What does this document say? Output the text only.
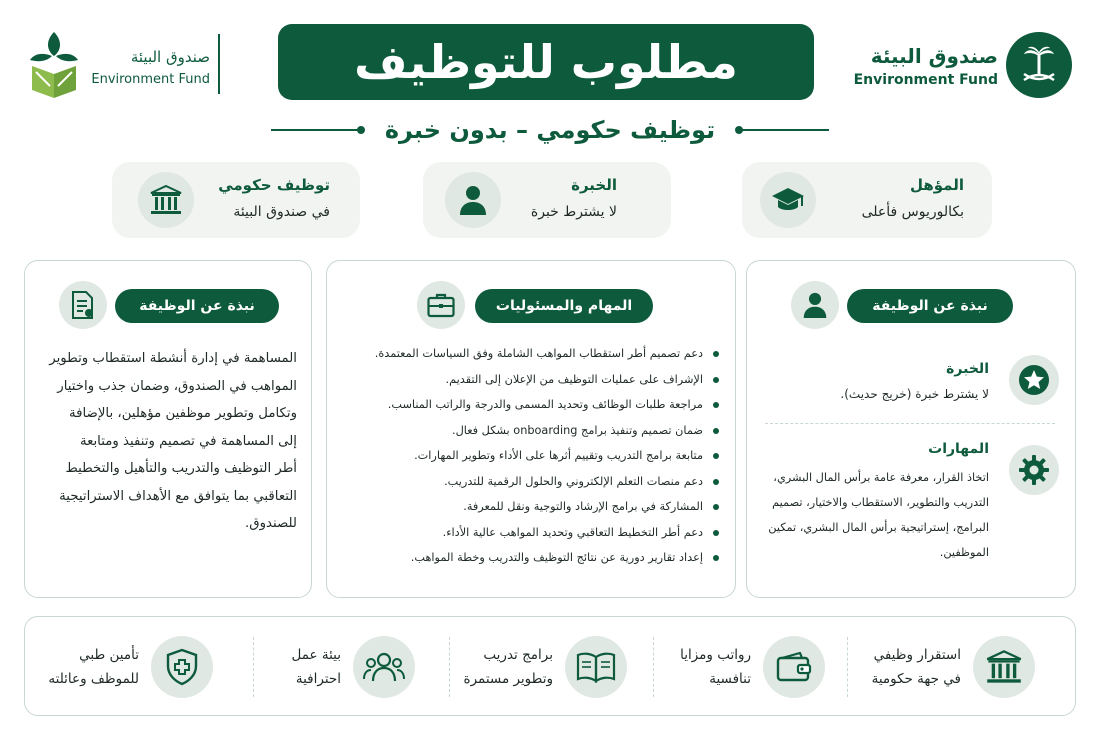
صندوق البيئة
Environment Fund
صندوق البيئة
Environment Fund	مطلوب للتوظيف
توظيف حكومي – بدون خبرة
المؤهل
بكالوريوس فأعلى
الخبرة
لا يشترط خبرة
توظيف حكومي
في صندوق البيئة
نبذة عن الوظيفة
الخبرة
لا يشترط خبرة (خريج حديث).
المهارات
اتخاذ القرار، معرفة عامة برأس المال البشري،
التدريب والتطوير، الاستقطاب والاختيار، تصميم
البرامج، إستراتيجية برأس المال البشري، تمكين
الموظفين.
المهام والمسئوليات
دعم تصميم أطر استقطاب المواهب الشاملة وفق السياسات المعتمدة.
الإشراف على عمليات التوظيف من الإعلان إلى التقديم.
مراجعة طلبات الوظائف وتحديد المسمى والدرجة والراتب المناسب.
ضمان تصميم وتنفيذ برامج onboarding بشكل فعال.
متابعة برامج التدريب وتقييم أثرها على الأداء وتطوير المهارات.
دعم منصات التعلم الإلكتروني والحلول الرقمية للتدريب.
المشاركة في برامج الإرشاد والتوجية ونقل للمعرفة.
دعم أطر التخطيط التعاقبي وتحديد المواهب عالية الأداء.
إعداد تقارير دورية عن نتائج التوظيف والتدريب وخطة المواهب.
نبذة عن الوظيفة
المساهمة في إدارة أنشطة استقطاب وتطوير
المواهب في الصندوق، وضمان جذب واختيار
وتكامل وتطوير موظفين مؤهلين، بالإضافة
إلى المساهمة في تصميم وتنفيذ ومتابعة
أطر التوظيف والتدريب والتأهيل والتخطيط
التعاقبي بما يتوافق مع الأهداف الاستراتيجية
للصندوق.
استقرار وظيفي
في جهة حكومية
رواتب ومزايا
تنافسية
برامج تدريب
وتطوير مستمرة
بيئة عمل
احترافية
تأمين طبي
للموظف وعائلته
